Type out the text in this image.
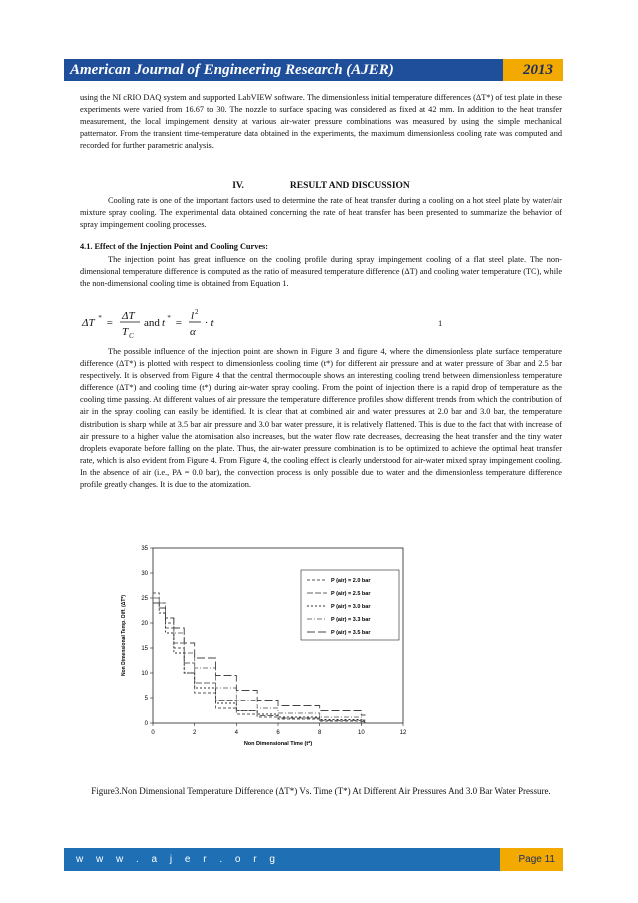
American Journal of Engineering Research (AJER)	2013
using the NI cRIO DAQ system and supported LabVIEW software. The dimensionless initial temperature differences (ΔT*) of test plate in these experiments were varied from 16.67 to 30. The nozzle to surface spacing was considered as fixed at 42 mm. In addition to the heat transfer measurement, the local impingement density at various air-water pressure combinations was measured by using the simple mechanical patternator. From the transient time-temperature data obtained in the experiments, the maximum dimensionless cooling rate was computed and recorded for further parametric analysis.
IV.	RESULT AND DISCUSSION
Cooling rate is one of the important factors used to determine the rate of heat transfer during a cooling on a hot steel plate by water/air mixture spray cooling. The experimental data obtained concerning the rate of heat transfer has been presented to summarize the behavior of spray impingement cooling processes.
4.1. Effect of the Injection Point and Cooling Curves:
The injection point has great influence on the cooling profile during spray impingement cooling of a flat steel plate. The non-dimensional temperature difference is computed as the ratio of measured temperature difference (ΔT) and cooling water temperature (TC), while the non-dimensional cooling time is obtained from Equation 1.
ΔT * =
ΔT
T C
and t * =
l 2
α
· t	1
The possible influence of the injection point are shown in Figure 3 and figure 4, where the dimensionless plate surface temperature difference (ΔT*) is plotted with respect to dimensionless cooling time (t*) for different air pressure and at water pressure of 3bar and 2.5 bar respectively. It is observed from Figure 4 that the central thermocouple shows an interesting cooling trend between dimensionless temperature difference (ΔT*) and cooling time (t*) during air-water spray cooling. From the point of injection there is a rapid drop of temperature as the cooling time passing. At different values of air pressure the temperature difference profiles show different trends from which the contribution of air in the spray cooling can easily be identified. It is clear that at combined air and water pressures at 2.0 bar and 3.0 bar, the temperature distribution is sharp while at 3.5 bar air pressure and 3.0 bar water pressure, it is relatively flattened. This is due to the fact that with increase of air pressure to a higher value the atomisation also increases, but the water flow rate decreases, decreasing the heat transfer and the tiny water droplets evaporate before falling on the plate. Thus, the air-water pressure combination is to be optimized to achieve the optimal heat transfer rate, which is also evident from Figure 4. From Figure 4, the cooling effect is clearly understood for air-water mixed spray impingement cooling. In the absence of air (i.e., PA = 0.0 bar), the convection process is only possible due to water and the dimensionless temperature difference profile greatly changes. It is due to the atomization.
0	2	4	6	8	10	12
0
5
10
15
20
25
30
35
Non Dimensional Time (t*)
Non Dimensional Temp. Diff. (ΔT*)
P (air) = 2.0 bar
P (air) = 2.5 bar
P (air) = 3.0 bar
P (air) = 3.3 bar
P (air) = 3.5 bar
Figure3.Non Dimensional Temperature Difference (ΔT*) Vs. Time (T*) At Different Air Pressures And 3.0 Bar Water Pressure.
w w w . a j e r . o r g	Page 11
